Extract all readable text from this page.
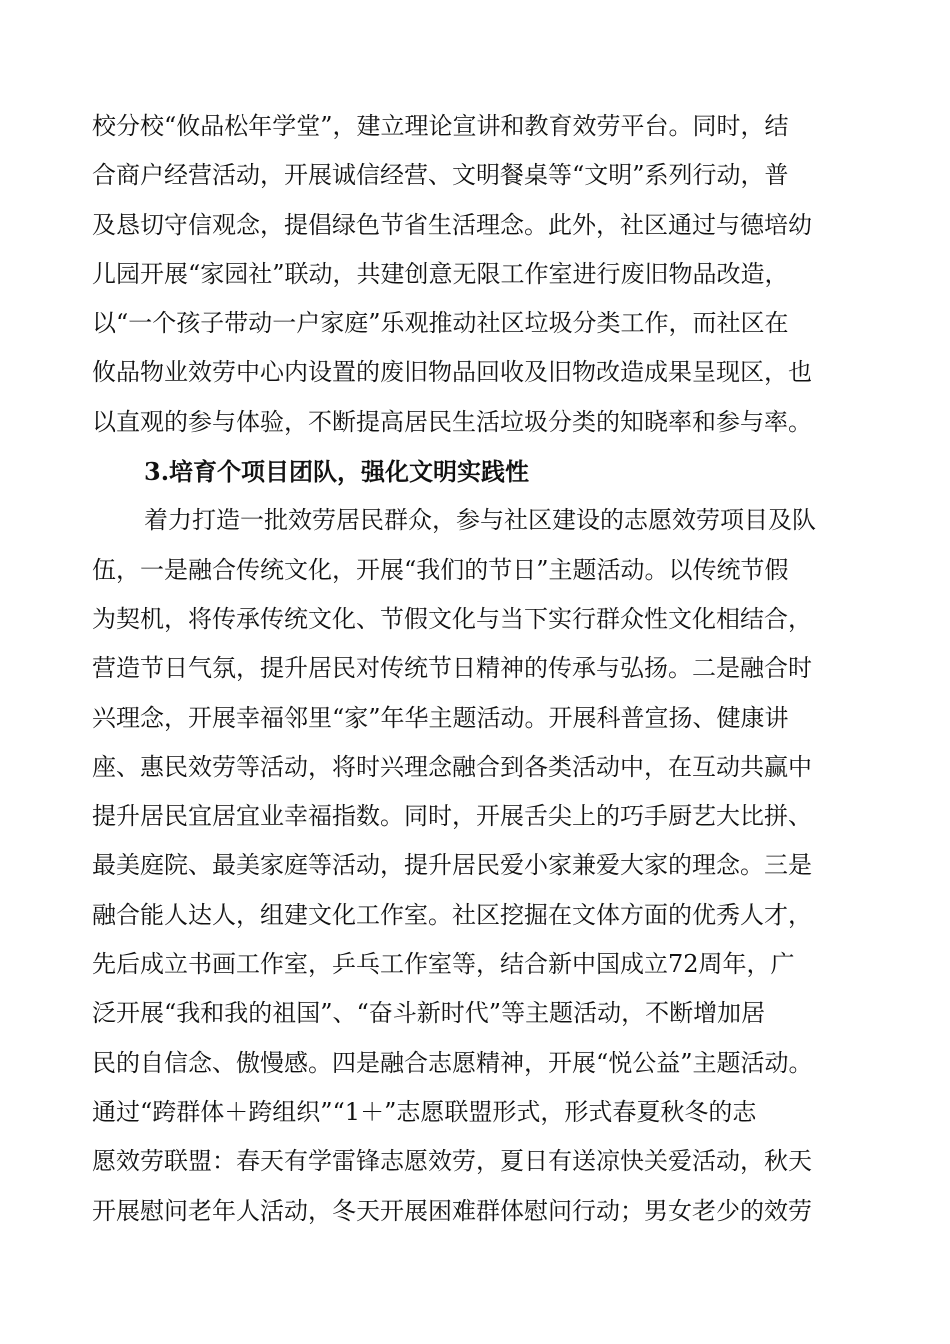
校分校“攸品松年学堂”，建立理论宣讲和教育效劳平台。同时，结
合商户经营活动，开展诚信经营、文明餐桌等“文明”系列行动，普
及恳切守信观念，提倡绿色节省生活理念。此外，社区通过与德培幼
儿园开展“家园社”联动，共建创意无限工作室进行废旧物品改造，
以“一个孩子带动一户家庭”乐观推动社区垃圾分类工作，而社区在
攸品物业效劳中心内设置的废旧物品回收及旧物改造成果呈现区，也
以直观的参与体验，不断提高居民生活垃圾分类的知晓率和参与率。
3.培育个项目团队，强化文明实践性
着力打造一批效劳居民群众，参与社区建设的志愿效劳项目及队
伍，一是融合传统文化，开展“我们的节日”主题活动。以传统节假
为契机，将传承传统文化、节假文化与当下实行群众性文化相结合，
营造节日气氛，提升居民对传统节日精神的传承与弘扬。二是融合时
兴理念，开展幸福邻里“家”年华主题活动。开展科普宣扬、健康讲
座、惠民效劳等活动，将时兴理念融合到各类活动中，在互动共赢中
提升居民宜居宜业幸福指数。同时，开展舌尖上的巧手厨艺大比拼、
最美庭院、最美家庭等活动，提升居民爱小家兼爱大家的理念。三是
融合能人达人，组建文化工作室。社区挖掘在文体方面的优秀人才，
先后成立书画工作室，乒乓工作室等，结合新中国成立72周年，广
泛开展“我和我的祖国”、“奋斗新时代”等主题活动，不断增加居
民的自信念、傲慢感。四是融合志愿精神，开展“悦公益”主题活动。
通过“跨群体＋跨组织”“1＋”志愿联盟形式，形式春夏秋冬的志
愿效劳联盟：春天有学雷锋志愿效劳，夏日有送凉快关爱活动，秋天
开展慰问老年人活动，冬天开展困难群体慰问行动；男女老少的效劳
